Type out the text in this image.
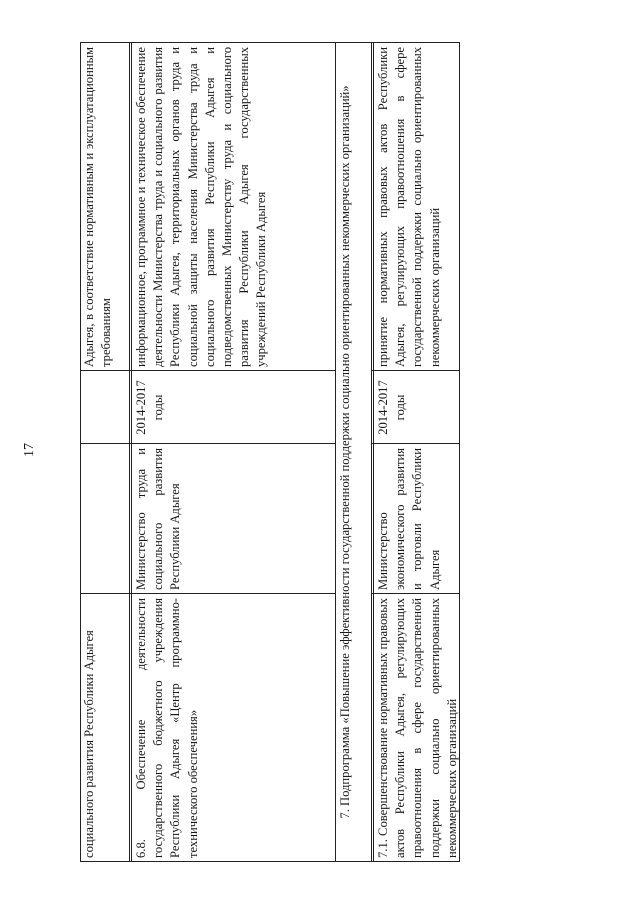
17
социального развития Республики Адыгея
Адыгея, в соответствие нормативным и эксплуатационным требованиям
6.8. Обеспечение деятельности государственного бюджетного учреждения Республики Адыгея «Центр программно-технического обеспечения»
Министерство труда и социального развития Республики Адыгея
2014-2017 годы
информационное, программное и техническое обеспечение деятельности Министерства труда и социального развития Республики Адыгея, территориальных органов труда и социальной защиты населения Министерства труда и социального развития Республики Адыгея и подведомственных Министерству труда и социального развития Республики Адыгея государственных учреждений Республики Адыгея	7. Подпрограмма «Повышение эффективности государственной поддержки социально ориентированных некоммерческих организаций»	7.1. Совершенствование нормативных правовых актов Республики Адыгея, регулирующих правоотношения в сфере государственной поддержки социально ориентированных некоммерческих организаций
Министерство экономического развития и торговли Республики Адыгея
2014-2017 годы
принятие нормативных правовых актов Республики Адыгея, регулирующих правоотношения в сфере государственной поддержки социально ориентированных некоммерческих организаций
